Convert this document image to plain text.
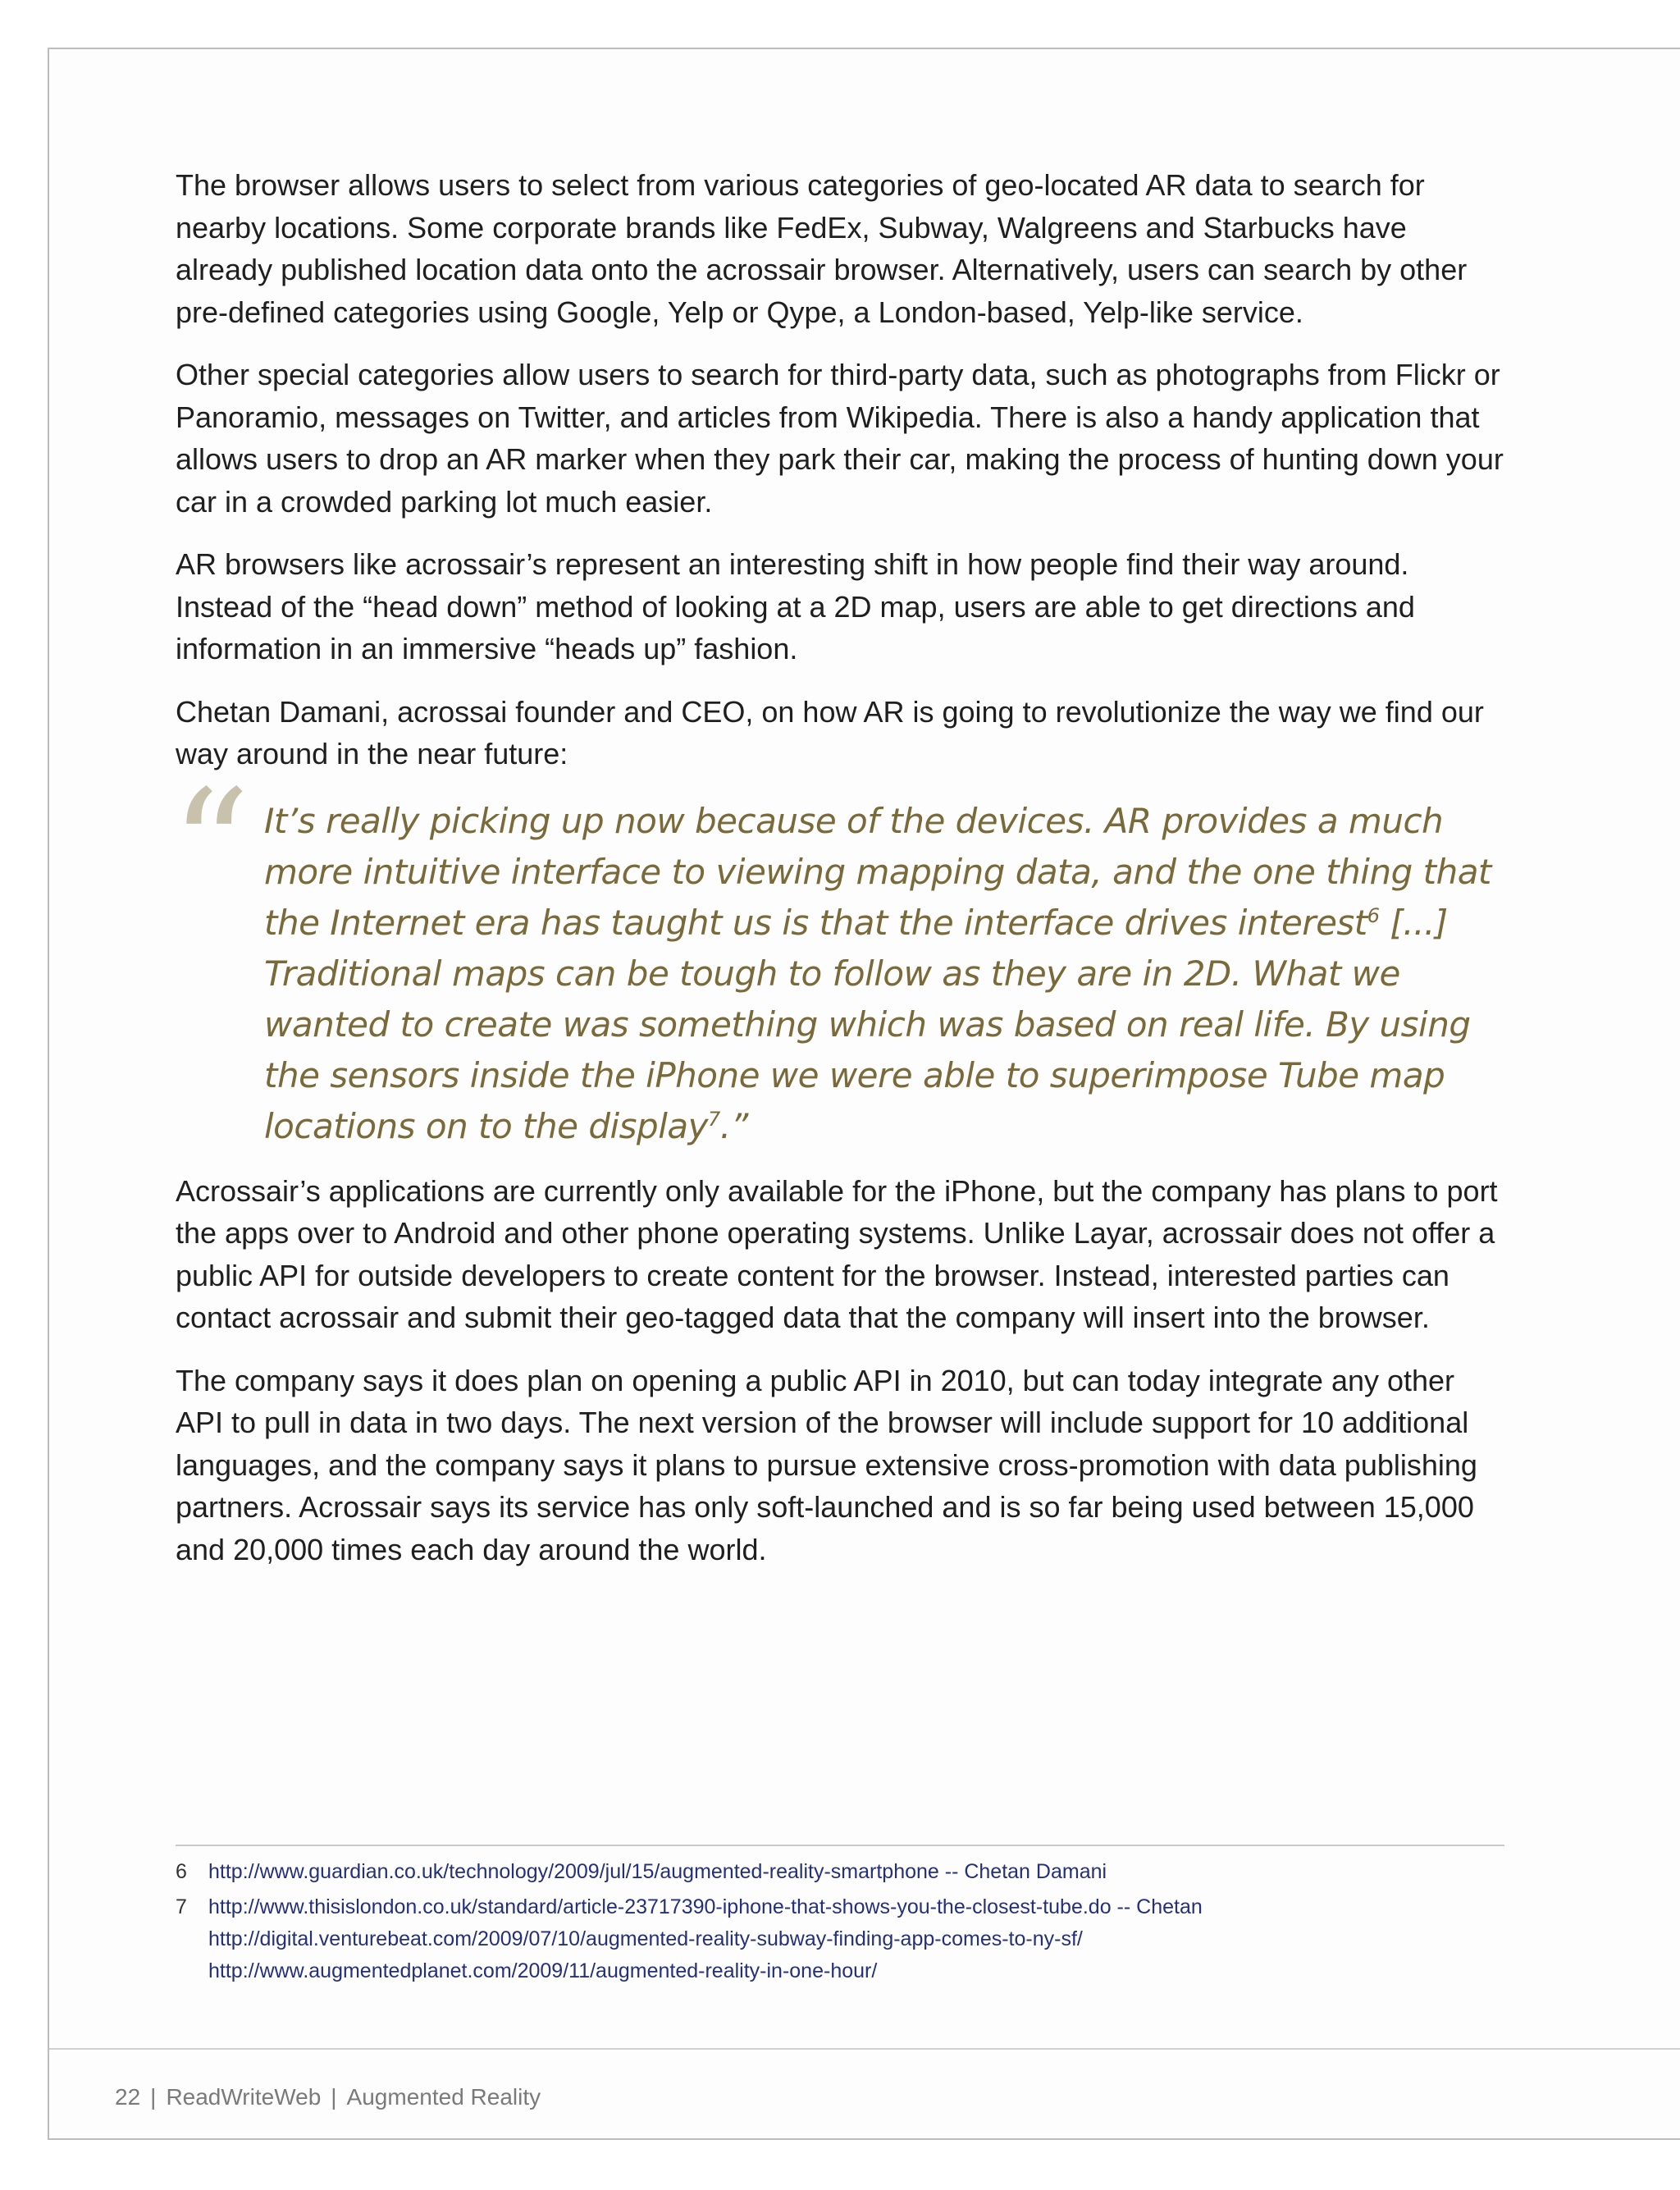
The browser allows users to select from various categories of geo-located AR data to search for nearby locations. Some corporate brands like FedEx, Subway, Walgreens and Starbucks have already published location data onto the acrossair browser. Alternatively, users can search by other pre-defined categories using Google, Yelp or Qype, a London-based, Yelp-like service.

Other special categories allow users to search for third-party data, such as photographs from Flickr or Panoramio, messages on Twitter, and articles from Wikipedia. There is also a handy application that allows users to drop an AR marker when they park their car, making the process of hunting down your car in a crowded parking lot much easier.

AR browsers like acrossair’s represent an interesting shift in how people find their way around. Instead of the “head down” method of looking at a 2D map, users are able to get directions and information in an immersive “heads up” fashion.

Chetan Damani, acrossai founder and CEO, on how AR is going to revolutionize the way we find our way around in the near future:

“ It’s really picking up now because of the devices. AR provides a much more intuitive interface to viewing mapping data, and the one thing that the Internet era has taught us is that the interface drives interest$^6$ [...] Traditional maps can be tough to follow as they are in 2D. What we wanted to create was something which was based on real life. By using the sensors inside the iPhone we were able to superimpose Tube map locations on to the display$^7$.”

Acrossair’s applications are currently only available for the iPhone, but the company has plans to port the apps over to Android and other phone operating systems. Unlike Layar, acrossair does not offer a public API for outside developers to create content for the browser. Instead, interested parties can contact acrossair and submit their geo-tagged data that the company will insert into the browser.

The company says it does plan on opening a public API in 2010, but can today integrate any other API to pull in data in two days. The next version of the browser will include support for 10 additional languages, and the company says it plans to pursue extensive cross-promotion with data publishing partners. Acrossair says its service has only soft-launched and is so far being used between 15,000 and 20,000 times each day around the world.

6	http://www.guardian.co.uk/technology/2009/jul/15/augmented-reality-smartphone -- Chetan Damani
7	http://www.thisislondon.co.uk/standard/article-23717390-iphone-that-shows-you-the-closest-tube.do -- Chetan
http://digital.venturebeat.com/2009/07/10/augmented-reality-subway-finding-app-comes-to-ny-sf/
http://www.augmentedplanet.com/2009/11/augmented-reality-in-one-hour/
22 | ReadWriteWeb | Augmented Reality
